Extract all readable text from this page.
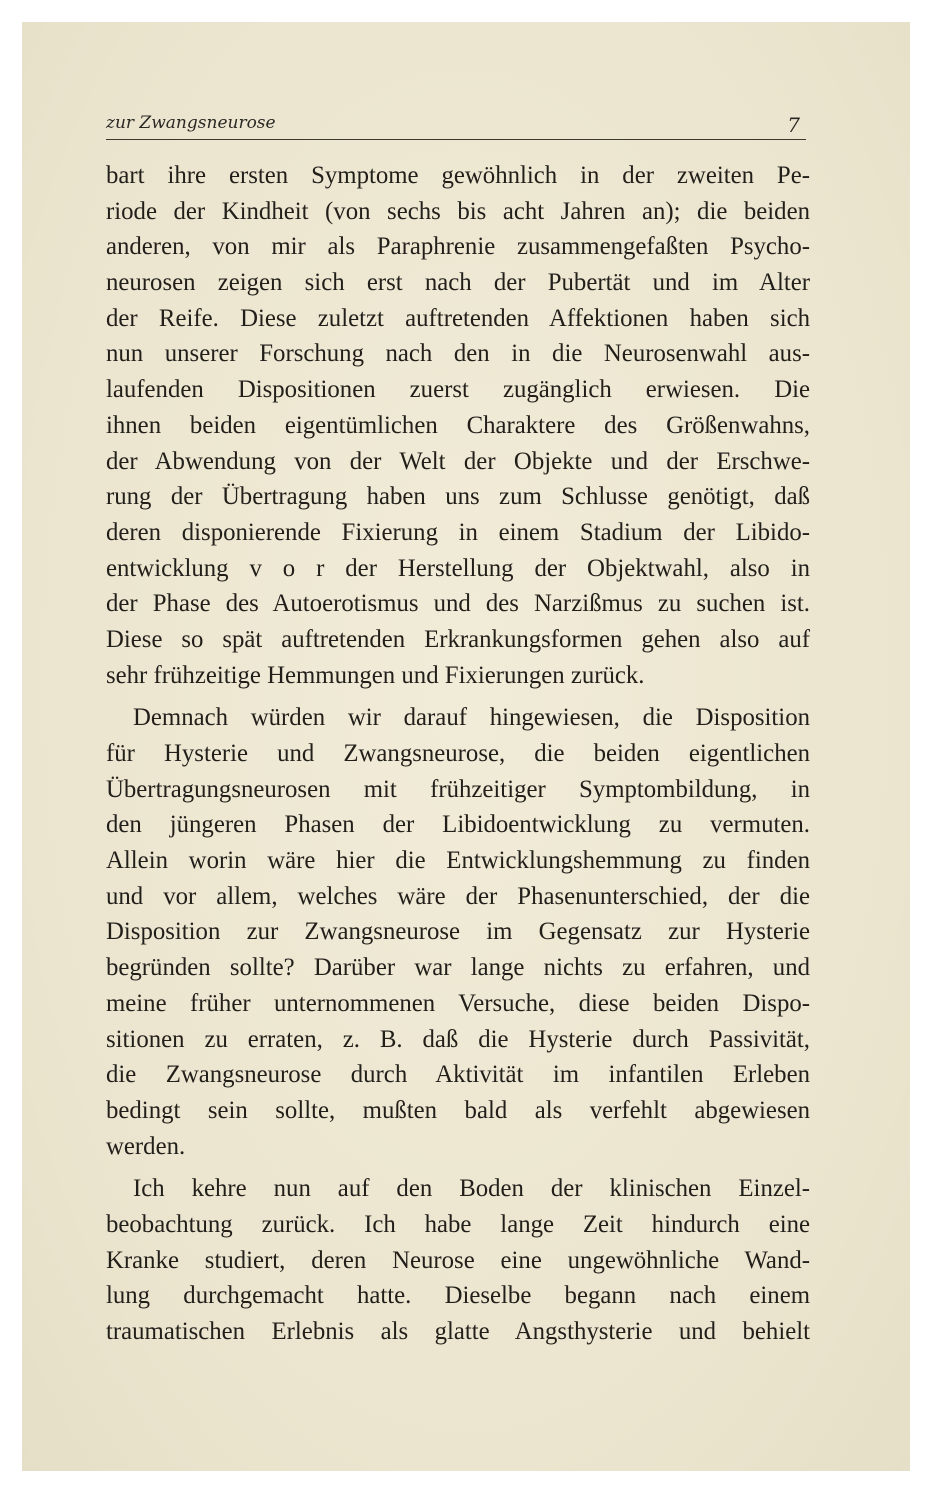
zur Zwangsneurose	7
bart ihre ersten Symptome gewöhnlich in der zweiten Pe-
riode der Kindheit (von sechs bis acht Jahren an); die beiden
anderen, von mir als Paraphrenie zusammengefaßten Psycho-
neurosen zeigen sich erst nach der Pubertät und im Alter
der Reife. Diese zuletzt auftretenden Affektionen haben sich
nun unserer Forschung nach den in die Neurosenwahl aus-
laufenden Dispositionen zuerst zugänglich erwiesen. Die
ihnen beiden eigentümlichen Charaktere des Größenwahns,
der Abwendung von der Welt der Objekte und der Erschwe-
rung der Übertragung haben uns zum Schlusse genötigt, daß
deren disponierende Fixierung in einem Stadium der Libido-
entwicklung v o r der Herstellung der Objektwahl, also in
der Phase des Autoerotismus und des Narzißmus zu suchen ist.
Diese so spät auftretenden Erkrankungsformen gehen also auf
sehr frühzeitige Hemmungen und Fixierungen zurück.
Demnach würden wir darauf hingewiesen, die Disposition
für Hysterie und Zwangsneurose, die beiden eigentlichen
Übertragungsneurosen mit frühzeitiger Symptombildung, in
den jüngeren Phasen der Libidoentwicklung zu vermuten.
Allein worin wäre hier die Entwicklungshemmung zu finden
und vor allem, welches wäre der Phasenunterschied, der die
Disposition zur Zwangsneurose im Gegensatz zur Hysterie
begründen sollte? Darüber war lange nichts zu erfahren, und
meine früher unternommenen Versuche, diese beiden Dispo-
sitionen zu erraten, z. B. daß die Hysterie durch Passivität,
die Zwangsneurose durch Aktivität im infantilen Erleben
bedingt sein sollte, mußten bald als verfehlt abgewiesen
werden.
Ich kehre nun auf den Boden der klinischen Einzel-
beobachtung zurück. Ich habe lange Zeit hindurch eine
Kranke studiert, deren Neurose eine ungewöhnliche Wand-
lung durchgemacht hatte. Dieselbe begann nach einem
traumatischen Erlebnis als glatte Angsthysterie und behielt
